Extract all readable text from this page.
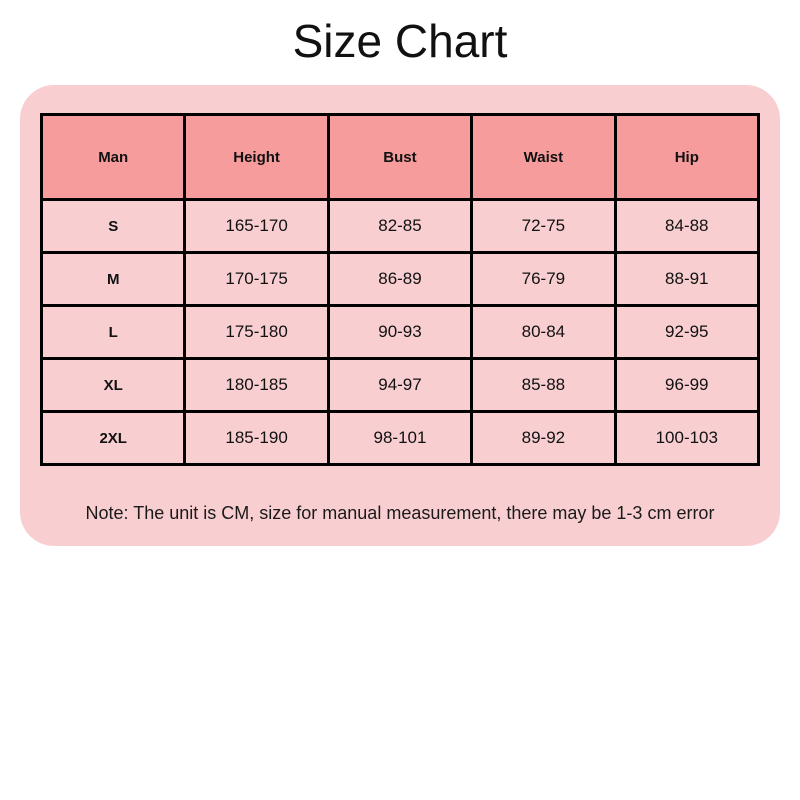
Size Chart
Man	Height	Bust	Waist	Hip
S	165-170	82-85	72-75	84-88
M	170-175	86-89	76-79	88-91
L	175-180	90-93	80-84	92-95
XL	180-185	94-97	85-88	96-99
2XL	185-190	98-101	89-92	100-103
Note: The unit is CM, size for manual measurement, there may be 1-3 cm error
